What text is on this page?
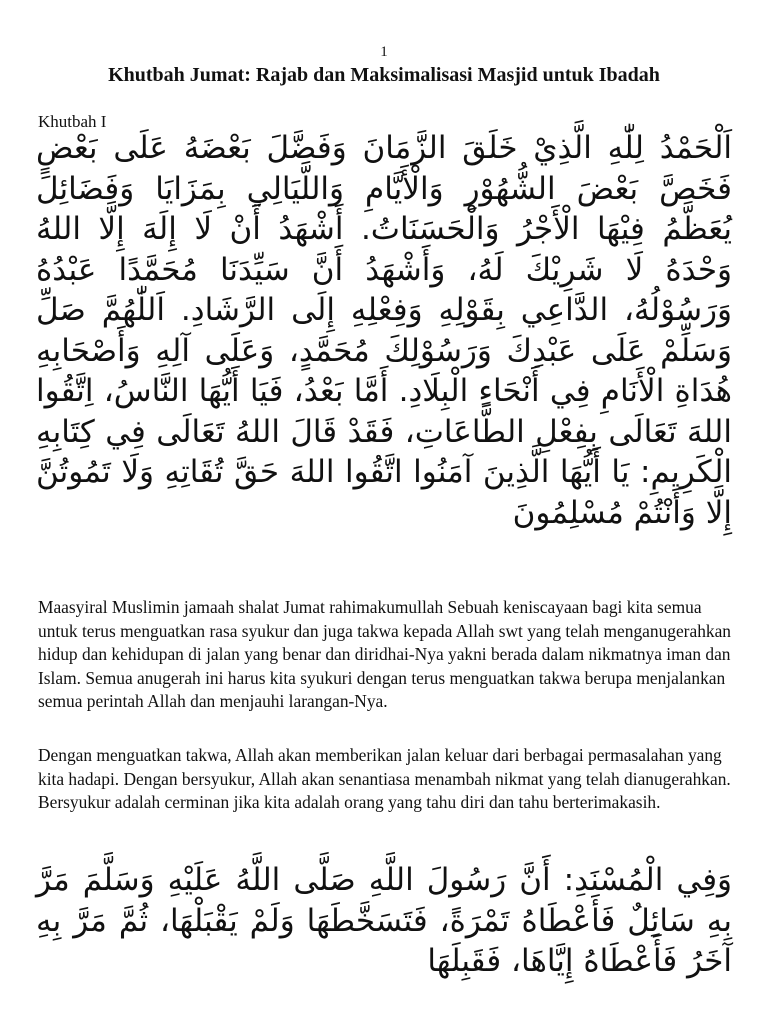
1
Khutbah Jumat: Rajab dan Maksimalisasi Masjid untuk Ibadah
Khutbah I

اَلْحَمْدُ لِلّٰهِ الَّذِيْ خَلَقَ الزَّمَانَ وَفَضَّلَ بَعْضَهُ عَلَى بَعْضٍ فَخَصَّ بَعْضَ الشُّهُوْرِ وَالْأَيَّامِ وَاللَّيَالِي بِمَزَايَا وَفَضَائِلَ يُعَظَّمُ فِيْهَا الْأَجْرُ وَالْحَسَنَاتُ. أَشْهَدُ أَنْ لَا إِلَهَ إِلَّا اللهُ وَحْدَهُ لَا شَرِيْكَ لَهُ، وَأَشْهَدُ أَنَّ سَيِّدَنَا مُحَمَّدًا عَبْدُهُ وَرَسُوْلُهُ، الدَّاعِي بِقَوْلِهِ وَفِعْلِهِ إِلَى الرَّشَادِ. اَللّٰهُمَّ صَلِّ وَسَلِّمْ عَلَى عَبْدِكَ وَرَسُوْلِكَ مُحَمَّدٍ، وَعَلَى آلِهِ وَأَصْحَابِهِ هُدَاةِ الْأَنَامِ فِي أَنْحَاءِ الْبِلَادِ. أَمَّا بَعْدُ، فَيَا أَيُّهَا النَّاسُ، اِتَّقُوا اللهَ تَعَالَى بِفِعْلِ الطَّاعَاتِ، فَقَدْ قَالَ اللهُ تَعَالَى فِي كِتَابِهِ الْكَرِيمِ: يَا أَيُّهَا الَّذِينَ آمَنُوا اتَّقُوا اللهَ حَقَّ تُقَاتِهِ وَلَا تَمُوتُنَّ إِلَّا وَأَنْتُمْ مُسْلِمُونَ

Maasyiral Muslimin jamaah shalat Jumat rahimakumullah Sebuah keniscayaan bagi kita semua untuk terus menguatkan rasa syukur dan juga takwa kepada Allah swt yang telah menganugerahkan hidup dan kehidupan di jalan yang benar dan diridhai-Nya yakni berada dalam nikmatnya iman dan Islam. Semua anugerah ini harus kita syukuri dengan terus menguatkan takwa berupa menjalankan semua perintah Allah dan menjauhi larangan-Nya.

Dengan menguatkan takwa, Allah akan memberikan jalan keluar dari berbagai permasalahan yang kita hadapi. Dengan bersyukur, Allah akan senantiasa menambah nikmat yang telah dianugerahkan. Bersyukur adalah cerminan jika kita adalah orang yang tahu diri dan tahu berterimakasih.

وَفِي الْمُسْنَدِ: أَنَّ رَسُولَ اللَّهِ صَلَّى اللَّهُ عَلَيْهِ وَسَلَّمَ مَرَّ بِهِ سَائِلٌ فَأَعْطَاهُ تَمْرَةً، فَتَسَخَّطَهَا وَلَمْ يَقْبَلْهَا، ثُمَّ مَرَّ بِهِ آخَرُ فَأَعْطَاهُ إِيَّاهَا، فَقَبِلَهَا
